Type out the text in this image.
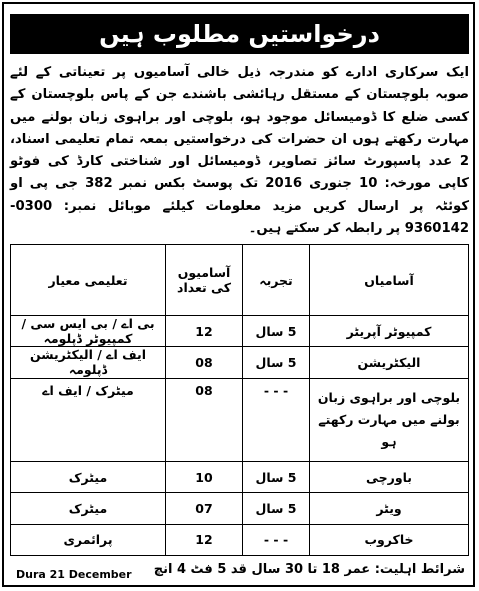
درخواستیں مطلوب ہیں

ایک سرکاری ادارے کو مندرجہ ذیل خالی آسامیوں پر تعیناتی کے لئے صوبہ بلوچستان کے مستقل رہائشی باشندے جن کے پاس بلوچستان کے کسی ضلع کا ڈومیسائل موجود ہو، بلوچی اور براہوی زبان بولنے میں مہارت رکھتے ہوں ان حضرات کی درخواستیں بمعہ تمام تعلیمی اسناد، 2 عدد پاسپورٹ سائز تصاویر، ڈومیسائل اور شناختی کارڈ کی فوٹو کاپی مورخہ: 10 جنوری 2016 تک پوسٹ بکس نمبر 382 جی پی او کوئٹہ پر ارسال کریں مزید معلومات کیلئے موبائل نمبر: 0300-9360142 پر رابطہ کر سکتے ہیں۔

آسامیاں	تجربہ	آسامیوں کی تعداد	تعلیمی معیار
کمپیوٹر آپریٹر	5 سال	12	بی اے / بی ایس سی / کمپیوٹر ڈپلومہ
الیکٹریشن	5 سال	08	ایف اے / الیکٹریشن ڈپلومہ
بلوچی اور براہوی زبان بولنے میں مہارت رکھتے ہو	- - -	08	میٹرک / ایف اے
باورچی	5 سال	10	میٹرک
ویٹر	5 سال	07	میٹرک
خاکروب	- - -	12	پرائمری
Dura 21 December شرائط اہلیت: عمر 18 تا 30 سال قد 5 فٹ 4 انچ
